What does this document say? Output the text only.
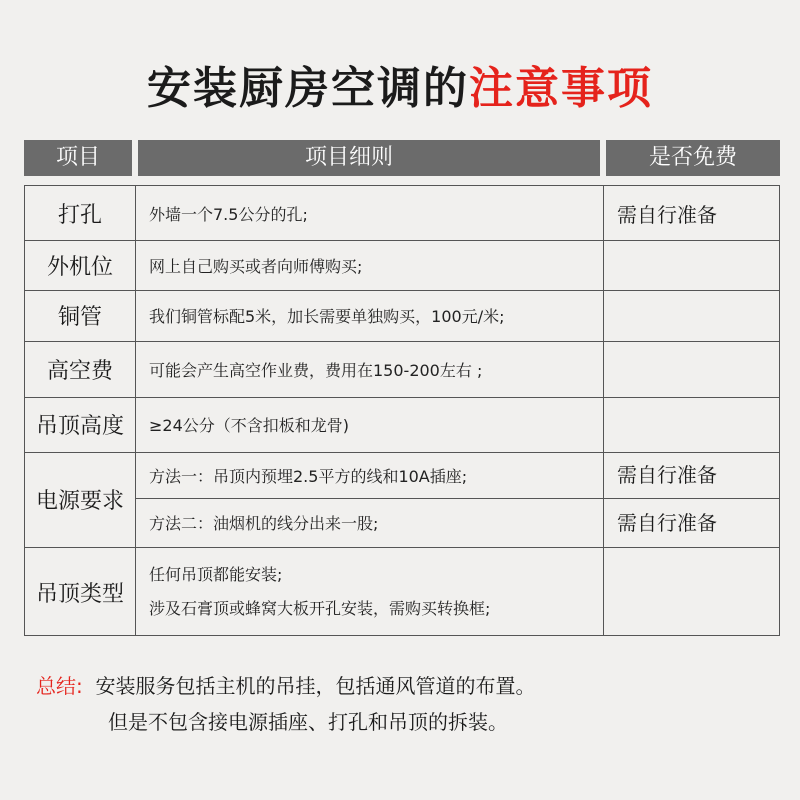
安装厨房空调的注意事项
项目	项目细则	是否免费
打孔	外墙一个7.5公分的孔;	需自行准备
外机位	网上自己购买或者向师傅购买;
铜管	我们铜管标配5米，加长需要单独购买，100元/米;
高空费	可能会产生高空作业费，费用在150-200左右 ;
吊顶高度	≥24公分（不含扣板和龙骨)
电源要求
方法一：吊顶内预埋2.5平方的线和10A插座;	需自行准备
方法二：油烟机的线分出来一股;	需自行准备
吊顶类型
任何吊顶都能安装;
涉及石膏顶或蜂窝大板开孔安装，需购买转换框;
总结: 安装服务包括主机的吊挂，包括通风管道的布置。
但是不包含接电源插座、打孔和吊顶的拆装。
